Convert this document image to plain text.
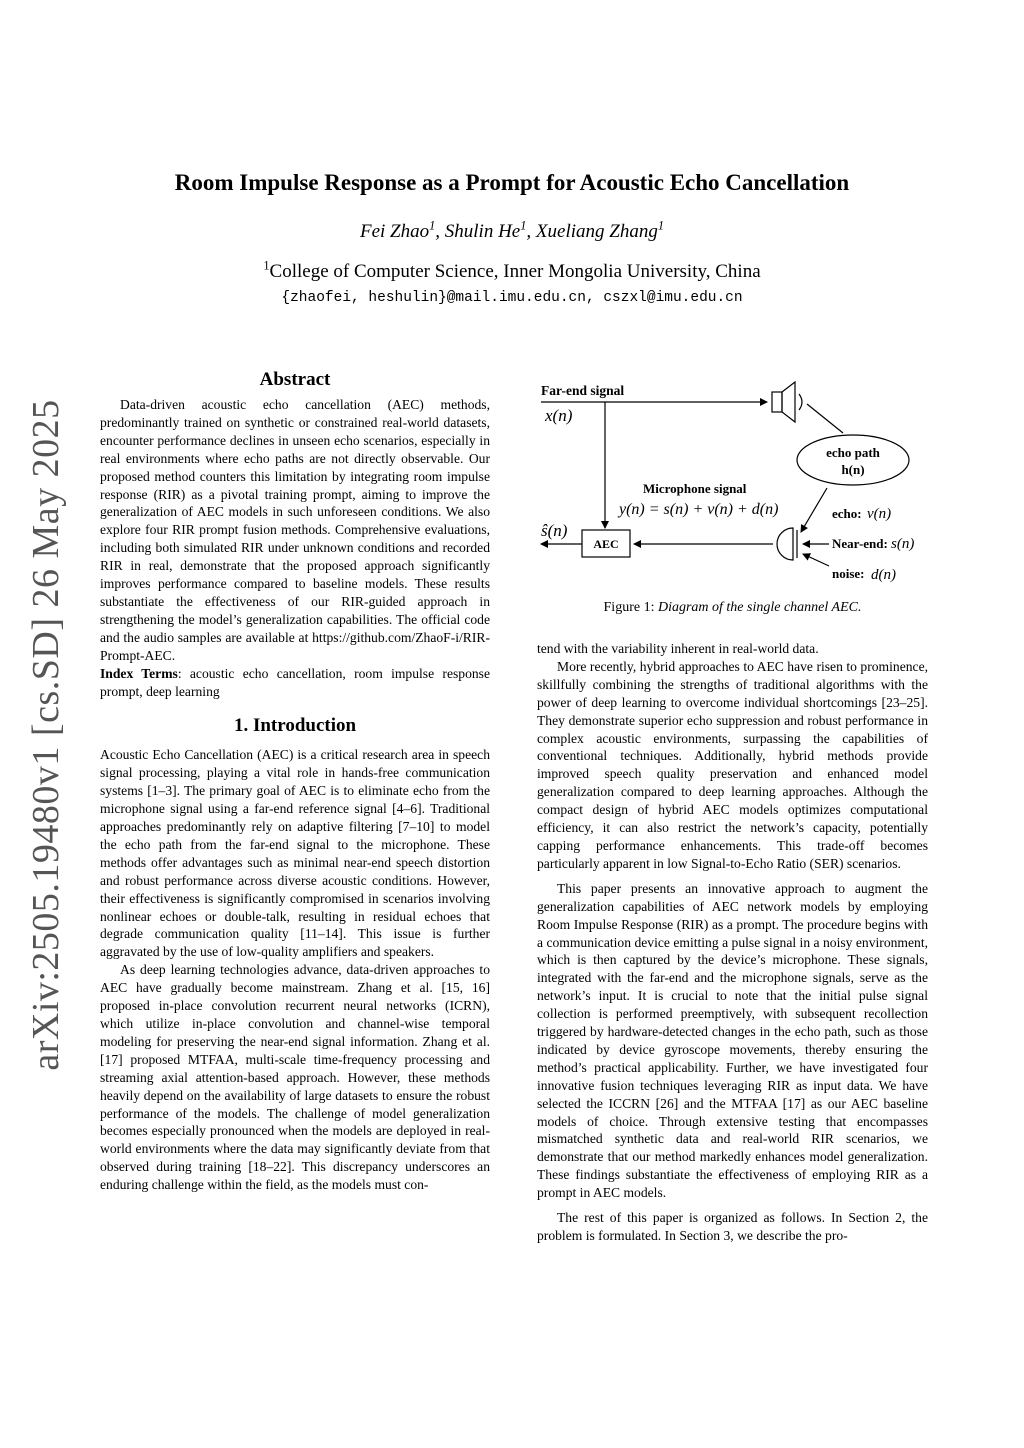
arXiv:2505.19480v1 [cs.SD] 26 May 2025
Room Impulse Response as a Prompt for Acoustic Echo Cancellation
Fei Zhao$^1$, Shulin He$^1$, Xueliang Zhang$^1$
$^1$College of Computer Science, Inner Mongolia University, China
{zhaofei, heshulin}@mail.imu.edu.cn, cszxl@imu.edu.cn
Abstract

Data-driven acoustic echo cancellation (AEC) methods, predominantly trained on synthetic or constrained real-world datasets, encounter performance declines in unseen echo scenarios, especially in real environments where echo paths are not directly observable. Our proposed method counters this limitation by integrating room impulse response (RIR) as a pivotal training prompt, aiming to improve the generalization of AEC models in such unforeseen conditions. We also explore four RIR prompt fusion methods. Comprehensive evaluations, including both simulated RIR under unknown conditions and recorded RIR in real, demonstrate that the proposed approach significantly improves performance compared to baseline models. These results substantiate the effectiveness of our RIR-guided approach in strengthening the model’s generalization capabilities. The official code and the audio samples are available at https://github.com/ZhaoF-i/RIR-Prompt-AEC.

Index Terms: acoustic echo cancellation, room impulse response prompt, deep learning

1. Introduction

Acoustic Echo Cancellation (AEC) is a critical research area in speech signal processing, playing a vital role in hands-free communication systems [1–3]. The primary goal of AEC is to eliminate echo from the microphone signal using a far-end reference signal [4–6]. Traditional approaches predominantly rely on adaptive filtering [7–10] to model the echo path from the far-end signal to the microphone. These methods offer advantages such as minimal near-end speech distortion and robust performance across diverse acoustic conditions. However, their effectiveness is significantly compromised in scenarios involving nonlinear echoes or double-talk, resulting in residual echoes that degrade communication quality [11–14]. This issue is further aggravated by the use of low-quality amplifiers and speakers.

As deep learning technologies advance, data-driven approaches to AEC have gradually become mainstream. Zhang et al. [15, 16] proposed in-place convolution recurrent neural networks (ICRN), which utilize in-place convolution and channel-wise temporal modeling for preserving the near-end signal information. Zhang et al. [17] proposed MTFAA, multi-scale time-frequency processing and streaming axial attention-based approach. However, these methods heavily depend on the availability of large datasets to ensure the robust performance of the models. The challenge of model generalization becomes especially pronounced when the models are deployed in real-world environments where the data may significantly deviate from that observed during training [18–22]. This discrepancy underscores an enduring challenge within the field, as the models must con-

Far-end signal
x(n)
echo path
h(n)
Microphone signal
y(n) = s(n) + v(n) + d(n)
AEC
ŝ(n)
echo: v(n)
Near-end: s(n)
noise: d(n)
Figure 1: Diagram of the single channel AEC.

tend with the variability inherent in real-world data.

More recently, hybrid approaches to AEC have risen to prominence, skillfully combining the strengths of traditional algorithms with the power of deep learning to overcome individual shortcomings [23–25]. They demonstrate superior echo suppression and robust performance in complex acoustic environments, surpassing the capabilities of conventional techniques. Additionally, hybrid methods provide improved speech quality preservation and enhanced model generalization compared to deep learning approaches. Although the compact design of hybrid AEC models optimizes computational efficiency, it can also restrict the network’s capacity, potentially capping performance enhancements. This trade-off becomes particularly apparent in low Signal-to-Echo Ratio (SER) scenarios.

This paper presents an innovative approach to augment the generalization capabilities of AEC network models by employing Room Impulse Response (RIR) as a prompt. The procedure begins with a communication device emitting a pulse signal in a noisy environment, which is then captured by the device’s microphone. These signals, integrated with the far-end and the microphone signals, serve as the network’s input. It is crucial to note that the initial pulse signal collection is performed preemptively, with subsequent recollection triggered by hardware-detected changes in the echo path, such as those indicated by device gyroscope movements, thereby ensuring the method’s practical applicability. Further, we have investigated four innovative fusion techniques leveraging RIR as input data. We have selected the ICCRN [26] and the MTFAA [17] as our AEC baseline models of choice. Through extensive testing that encompasses mismatched synthetic data and real-world RIR scenarios, we demonstrate that our method markedly enhances model generalization. These findings substantiate the effectiveness of employing RIR as a prompt in AEC models.

The rest of this paper is organized as follows. In Section 2, the problem is formulated. In Section 3, we describe the pro-
